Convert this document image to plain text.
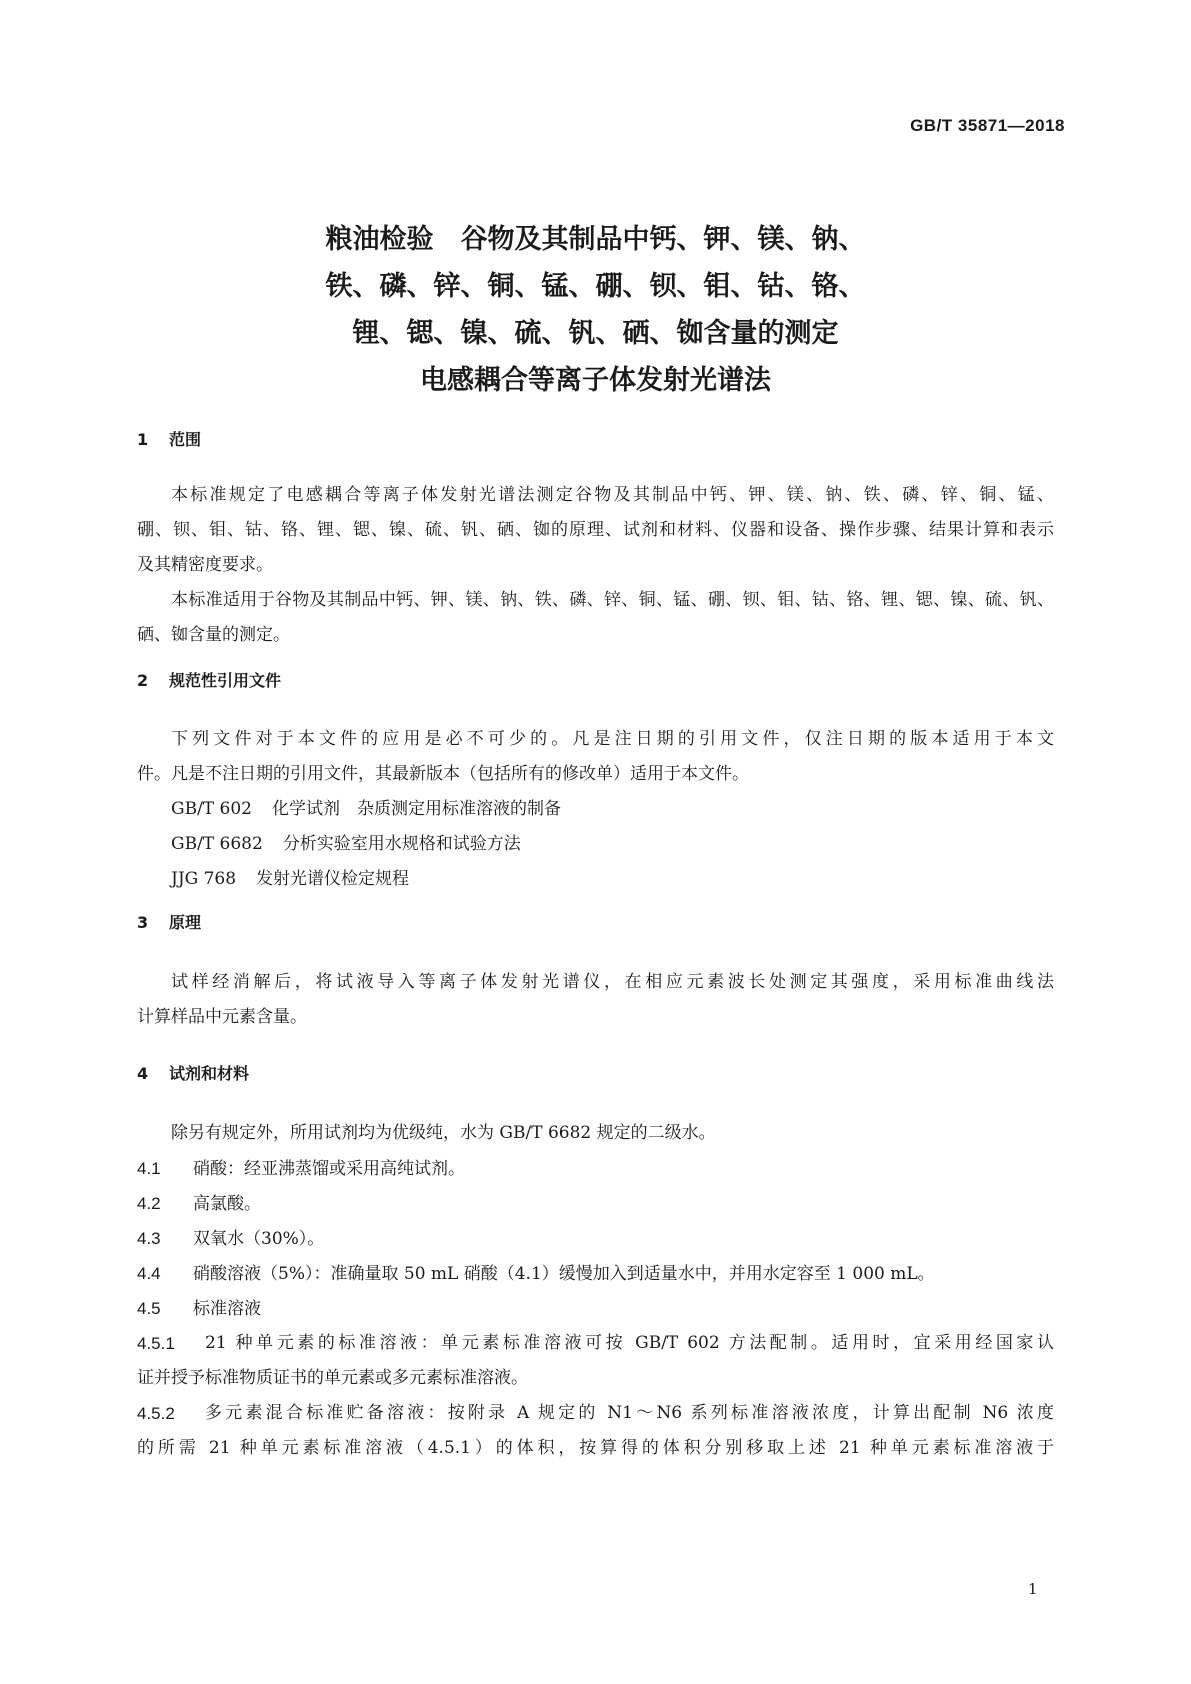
GB/T 35871—2018
粮油检验　谷物及其制品中钙、钾、镁、钠、
铁、磷、锌、铜、锰、硼、钡、钼、钴、铬、
锂、锶、镍、硫、钒、硒、铷含量的测定
电感耦合等离子体发射光谱法
1 范围
本标准规定了电感耦合等离子体发射光谱法测定谷物及其制品中钙、钾、镁、钠、铁、磷、锌、铜、锰、
硼、钡、钼、钴、铬、锂、锶、镍、硫、钒、硒、铷的原理、试剂和材料、仪器和设备、操作步骤、结果计算和表示
及其精密度要求。
本标准适用于谷物及其制品中钙、钾、镁、钠、铁、磷、锌、铜、锰、硼、钡、钼、钴、铬、锂、锶、镍、硫、钒、
硒、铷含量的测定。
2 规范性引用文件
下列文件对于本文件的应用是必不可少的。凡是注日期的引用文件，仅注日期的版本适用于本文
件。凡是不注日期的引用文件，其最新版本（包括所有的修改单）适用于本文件。
GB/T 602 化学试剂　杂质测定用标准溶液的制备
GB/T 6682 分析实验室用水规格和试验方法
JJG 768 发射光谱仪检定规程
3 原理
试样经消解后，将试液导入等离子体发射光谱仪，在相应元素波长处测定其强度，采用标准曲线法
计算样品中元素含量。
4 试剂和材料
除另有规定外，所用试剂均为优级纯，水为 GB/T 6682 规定的二级水。
4.1 硝酸：经亚沸蒸馏或采用高纯试剂。
4.2 高氯酸。
4.3 双氧水（30%）。
4.4 硝酸溶液（5%）：准确量取 50 mL 硝酸（4.1）缓慢加入到适量水中，并用水定容至 1 000 mL。
4.5 标准溶液
4.5.1	21 种单元素的标准溶液：单元素标准溶液可按 GB/T 602 方法配制。适用时，宜采用经国家认
证并授予标准物质证书的单元素或多元素标准溶液。
4.5.2	多元素混合标准贮备溶液：按附录 A 规定的 N1～N6 系列标准溶液浓度，计算出配制 N6 浓度
的所需 21 种单元素标准溶液（4.5.1）的体积，按算得的体积分别移取上述 21 种单元素标准溶液于
1
